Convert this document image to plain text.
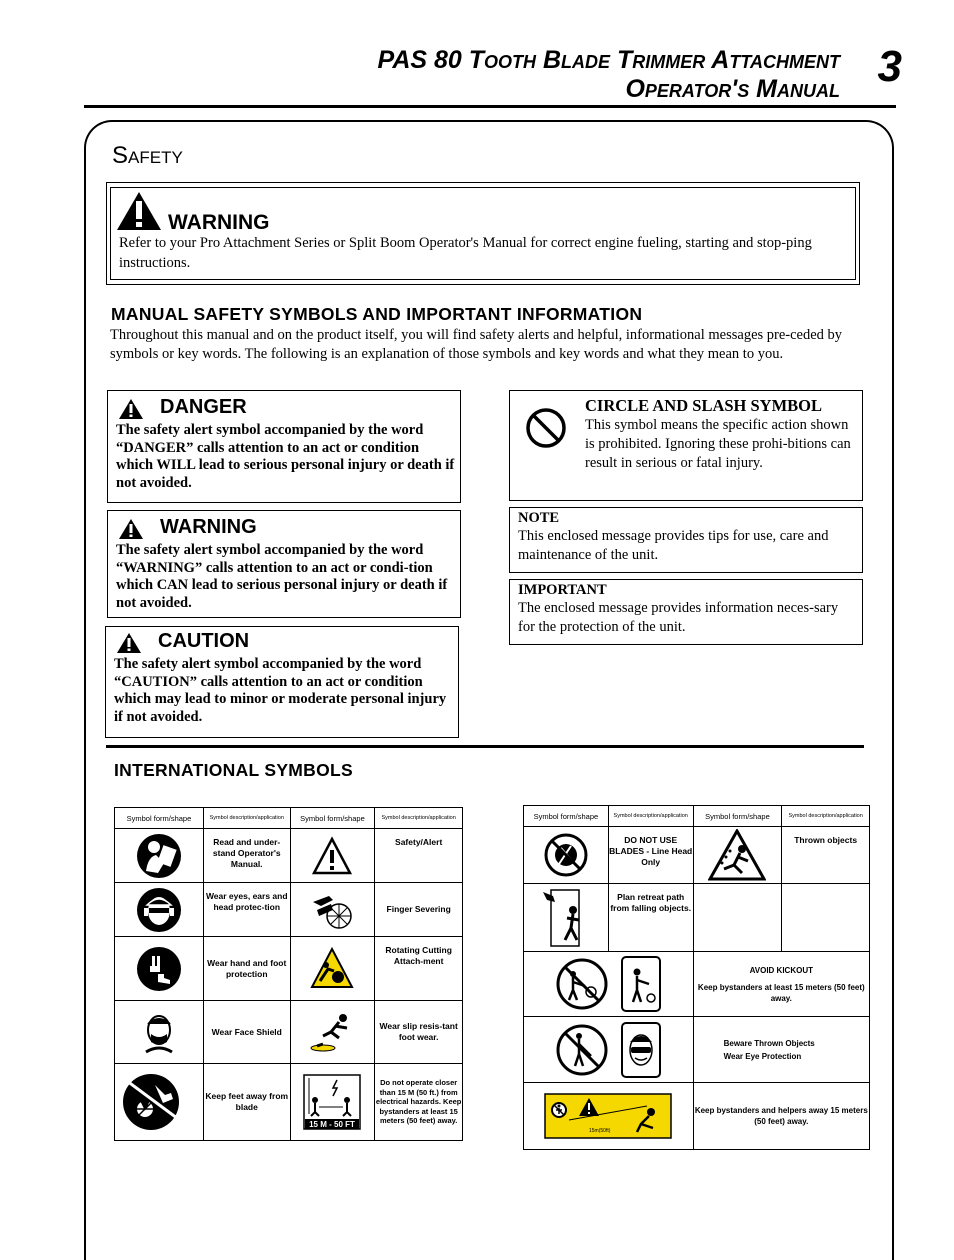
PAS 80 Tooth Blade Trimmer Attachment
Operator's Manual 3
Safety
WARNING
Refer to your Pro Attachment Series or Split Boom Operator's Manual for correct engine fueling, starting and stop-ping instructions.
MANUAL SAFETY SYMBOLS AND IMPORTANT INFORMATION
Throughout this manual and on the product itself, you will find safety alerts and helpful, informational messages pre-ceded by symbols or key words. The following is an explanation of those symbols and key words and what they mean to you.
DANGER
The safety alert symbol accompanied by the word “DANGER” calls attention to an act or condition which WILL lead to serious personal injury or death if not avoided.
WARNING
The safety alert symbol accompanied by the word “WARNING” calls attention to an act or condi-tion which CAN lead to serious personal injury or death if not avoided.
CAUTION
The safety alert symbol accompanied by the word “CAUTION” calls attention to an act or condition which may lead to minor or moderate personal injury if not avoided.
CIRCLE AND SLASH SYMBOL
This symbol means the specific action shown is prohibited. Ignoring these prohi-bitions can result in serious or fatal injury.
NOTE
This enclosed message provides tips for use, care and maintenance of the unit.
IMPORTANT
The enclosed message provides information neces-sary for the protection of the unit.
INTERNATIONAL SYMBOLS
Symbol form/shape	Symbol description/application	Symbol form/shape	Symbol description/application

	Read and under-stand Operator's Manual.		Safety/Alert

	Wear eyes, ears and head protec-tion		Finger Severing

	Wear hand and foot protection		Rotating Cutting Attach-ment

	Wear Face Shield		Wear slip resis-tant foot wear.

	Keep feet away from blade	15 M - 50 FT	Do not operate closer than 15 M (50 ft.) from electrical hazards. Keep bystanders at least 15 meters (50 feet) away.
Symbol form/shape	Symbol description/application	Symbol form/shape	Symbol description/application

	DO NOT USE BLADES - Line Head Only		Thrown objects

	Plan retreat path from falling objects.		

AVOID KICKOUT
Keep bystanders at least 15 meters (50 feet) away.	

Beware Thrown Objects
Wear Eye Protection	

15m(50ft)		Keep bystanders and helpers away 15 meters (50 feet) away.	
